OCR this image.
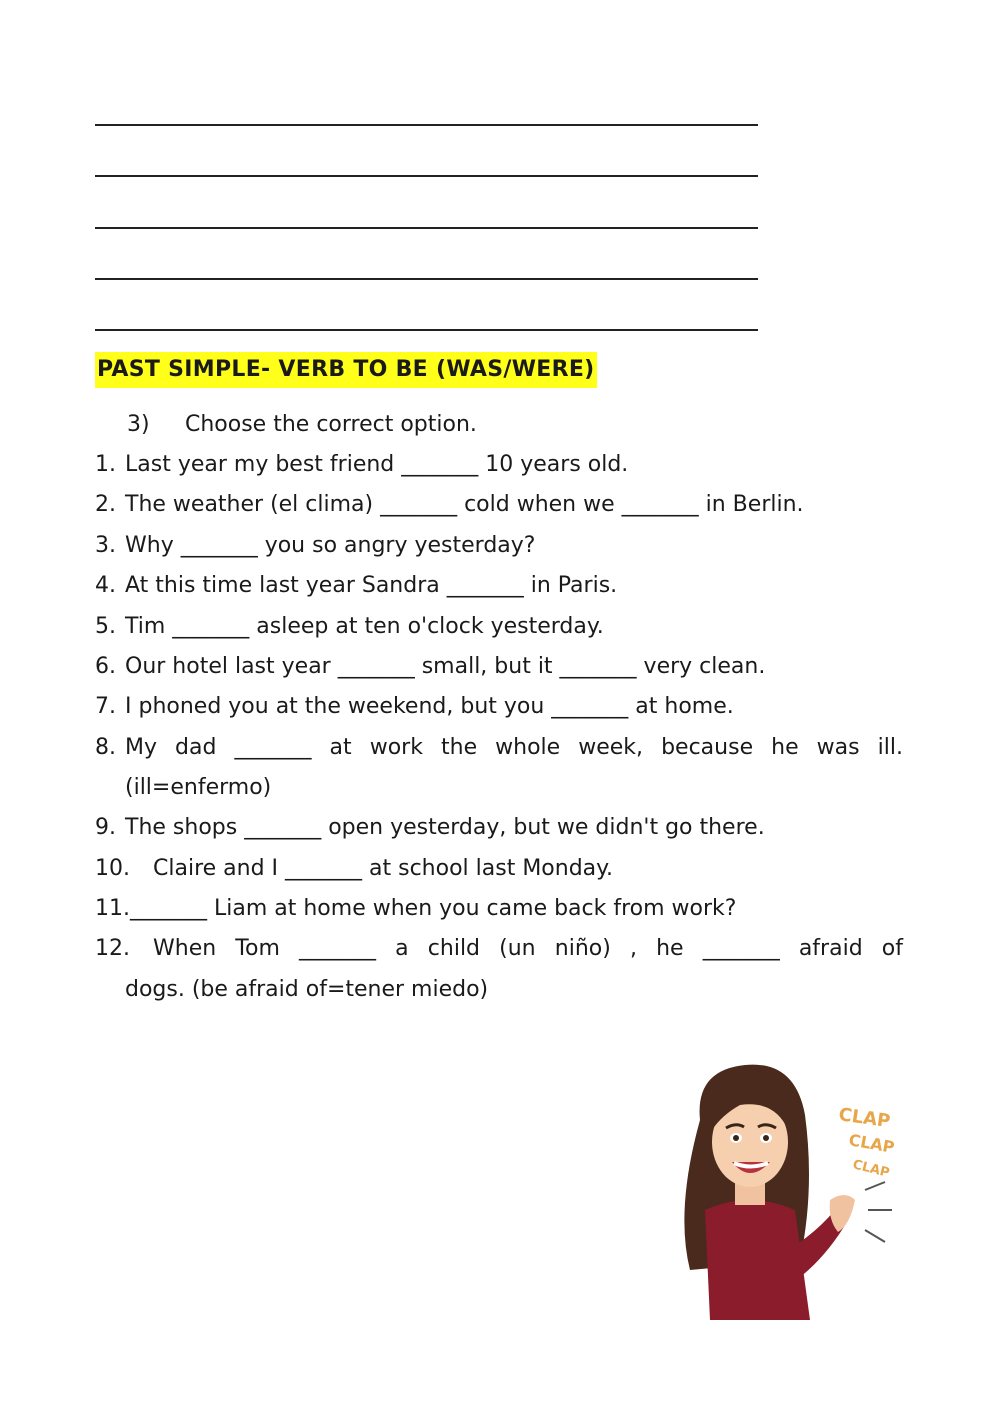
PAST SIMPLE- VERB TO BE (WAS/WERE)
3) Choose the correct option.
1. Last year my best friend _______ 10 years old.
2. The weather (el clima) _______ cold when we _______ in Berlin.
3. Why _______ you so angry yesterday?
4. At this time last year Sandra _______ in Paris.
5. Tim _______ asleep at ten o'clock yesterday.
6. Our hotel last year _______ small, but it _______ very clean.
7. I phoned you at the weekend, but you _______ at home.
8. My dad _______ at work the whole week, because he was ill.
(ill=enfermo)
9. The shops _______ open yesterday, but we didn't go there.
10. Claire and I _______ at school last Monday.
11._______ Liam at home when you came back from work?
12. When Tom _______ a child (un niño) , he _______ afraid of
dogs. (be afraid of=tener miedo)
CLAP
CLAP
CLAP
